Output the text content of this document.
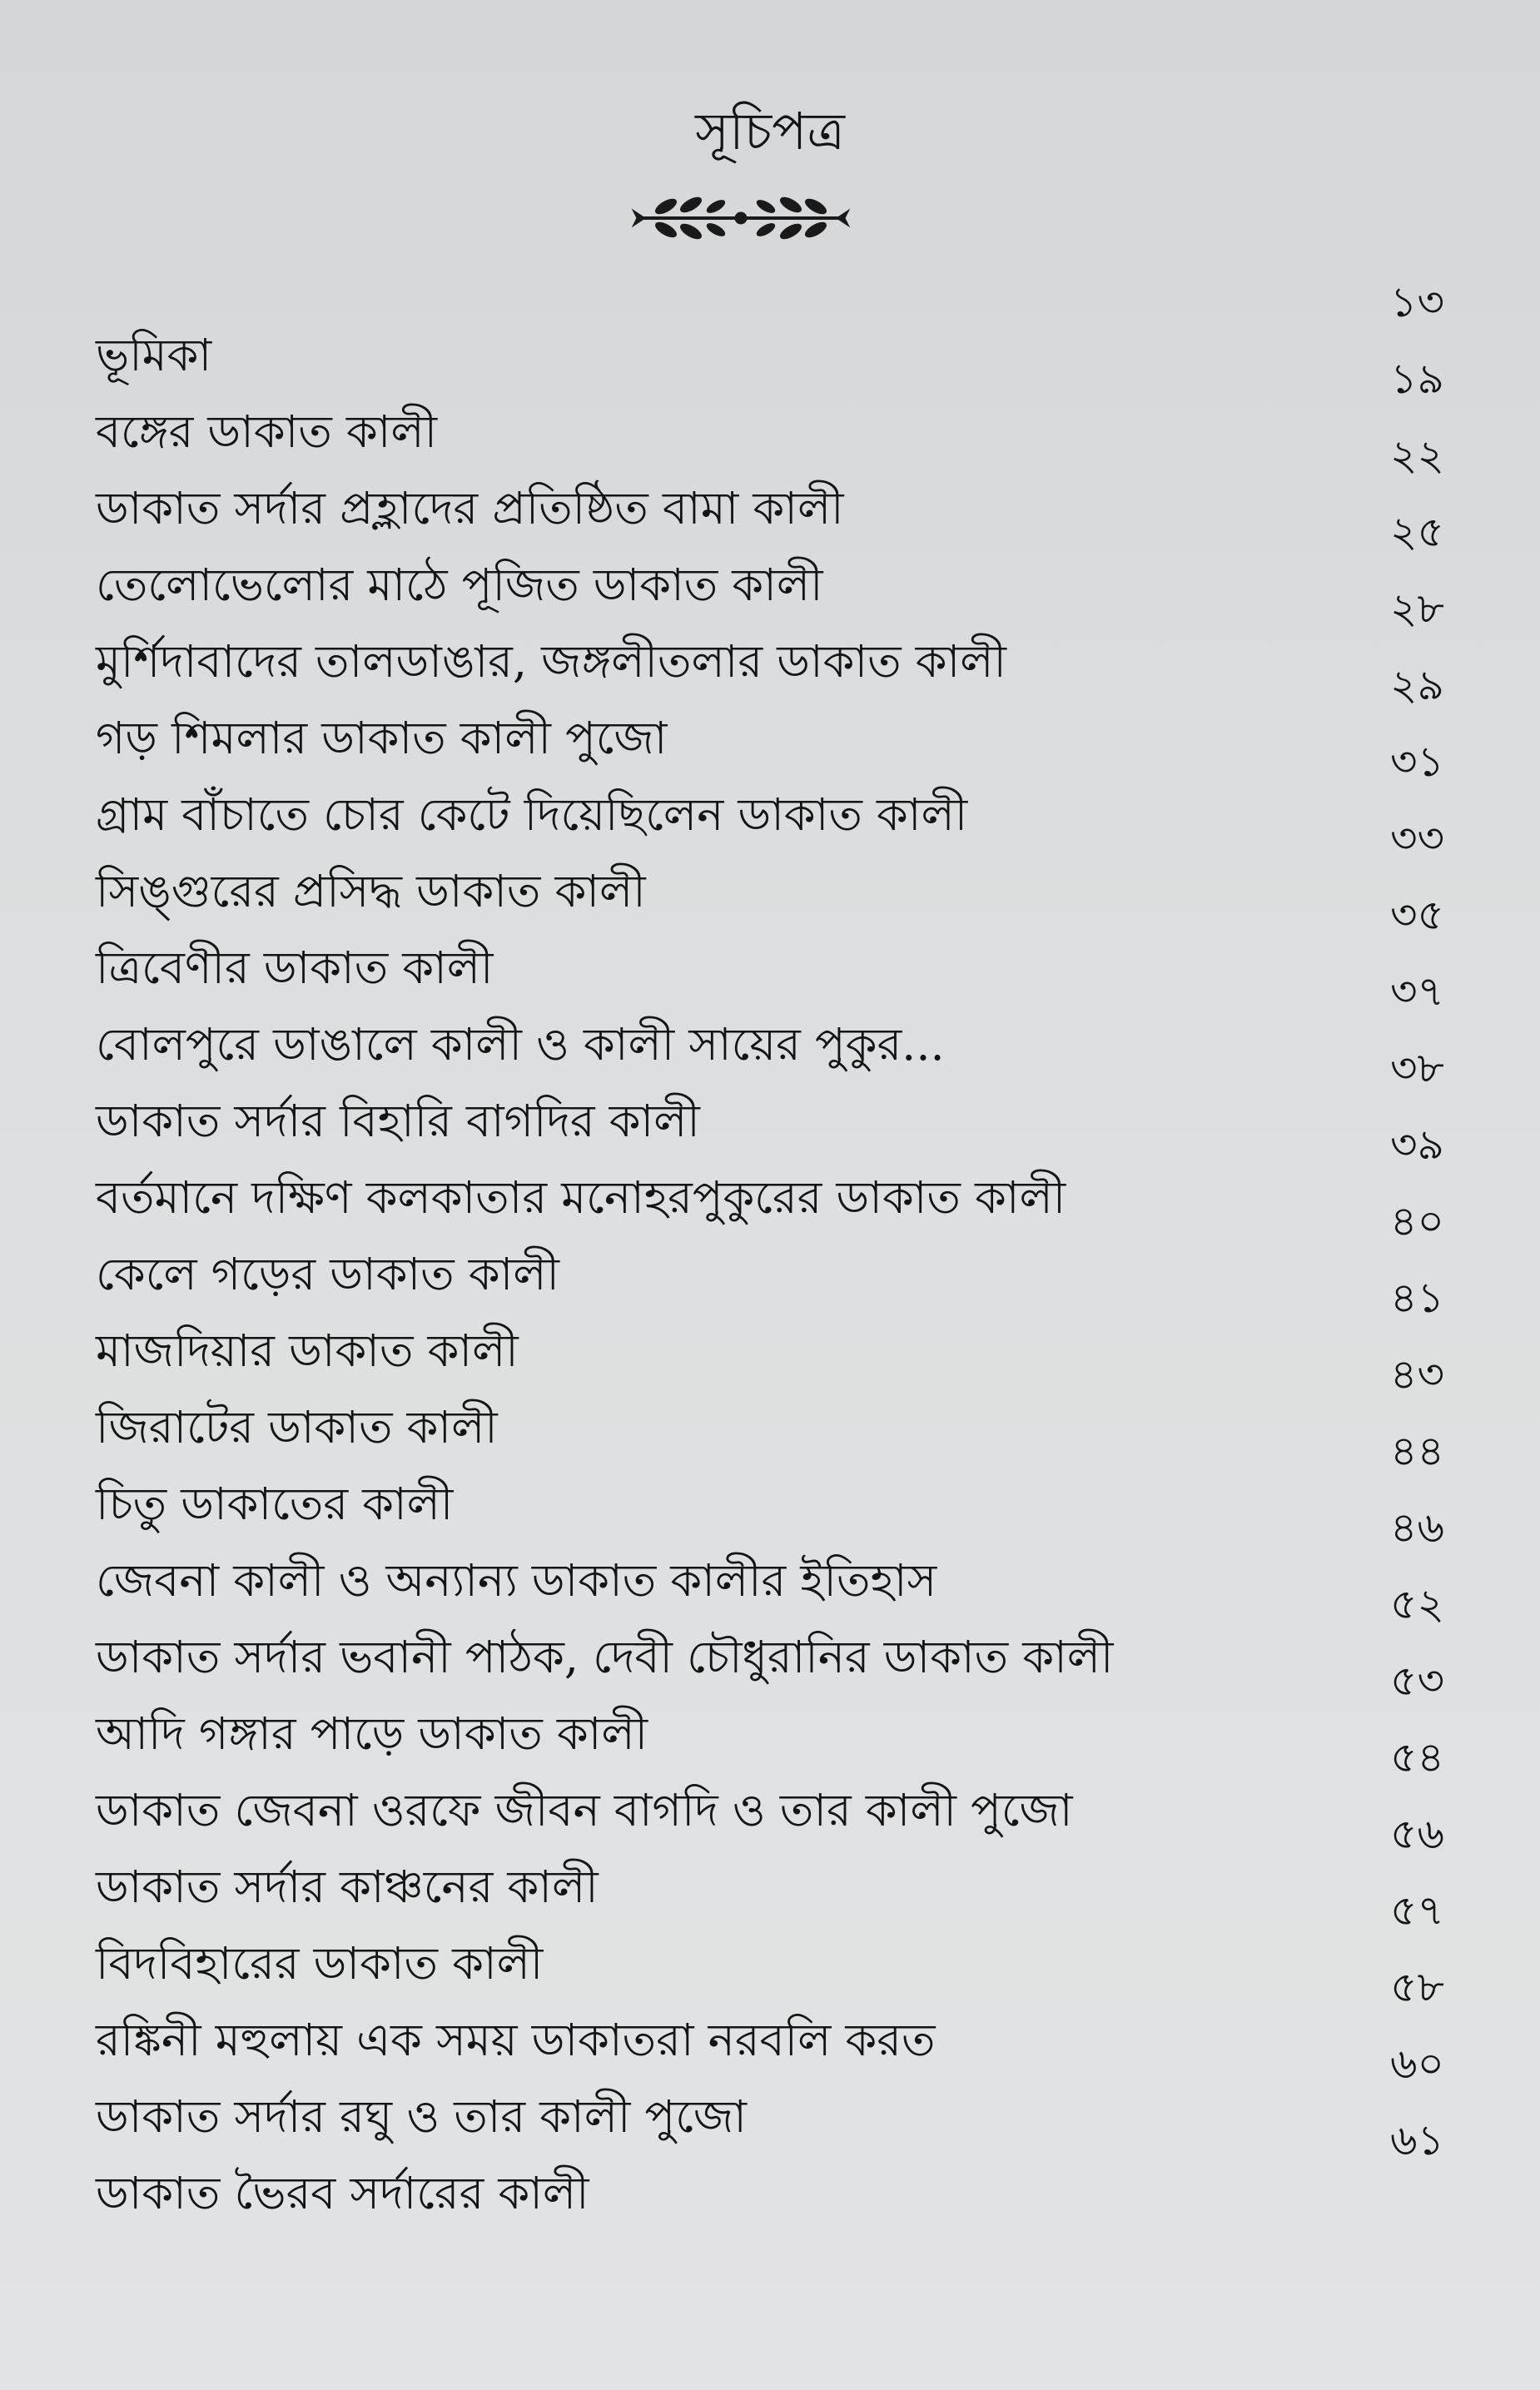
সূচিপত্র
ভূমিকা
১৩
বঙ্গের ডাকাত কালী
১৯
ডাকাত সর্দার প্রহ্লাদের প্রতিষ্ঠিত বামা কালী
২২
তেলোভেলোর মাঠে পূজিত ডাকাত কালী
২৫
মুর্শিদাবাদের তালডাঙার, জঙ্গলীতলার ডাকাত কালী
২৮
গড় শিমলার ডাকাত কালী পুজো
২৯
গ্রাম বাঁচাতে চোর কেটে দিয়েছিলেন ডাকাত কালী
৩১
সিঙ্গুরের প্রসিদ্ধ ডাকাত কালী
৩৩
ত্রিবেণীর ডাকাত কালী
৩৫
বোলপুরে ডাঙালে কালী ও কালী সায়ের পুকুর...
৩৭
ডাকাত সর্দার বিহারি বাগদির কালী
৩৮
বর্তমানে দক্ষিণ কলকাতার মনোহরপুকুরের ডাকাত কালী
৩৯
কেলে গড়ের ডাকাত কালী
৪০
মাজদিয়ার ডাকাত কালী
৪১
জিরাটের ডাকাত কালী
৪৩
চিতু ডাকাতের কালী
৪৪
জেবনা কালী ও অন্যান্য ডাকাত কালীর ইতিহাস
৪৬
ডাকাত সর্দার ভবানী পাঠক, দেবী চৌধুরানির ডাকাত কালী
৫২
আদি গঙ্গার পাড়ে ডাকাত কালী
৫৩
ডাকাত জেবনা ওরফে জীবন বাগদি ও তার কালী পুজো
৫৪
ডাকাত সর্দার কাঞ্চনের কালী
৫৬
বিদবিহারের ডাকাত কালী
৫৭
রঙ্কিনী মহুলায় এক সময় ডাকাতরা নরবলি করত
৫৮
ডাকাত সর্দার রঘু ও তার কালী পুজো
৬০
ডাকাত ভৈরব সর্দারের কালী
৬১
